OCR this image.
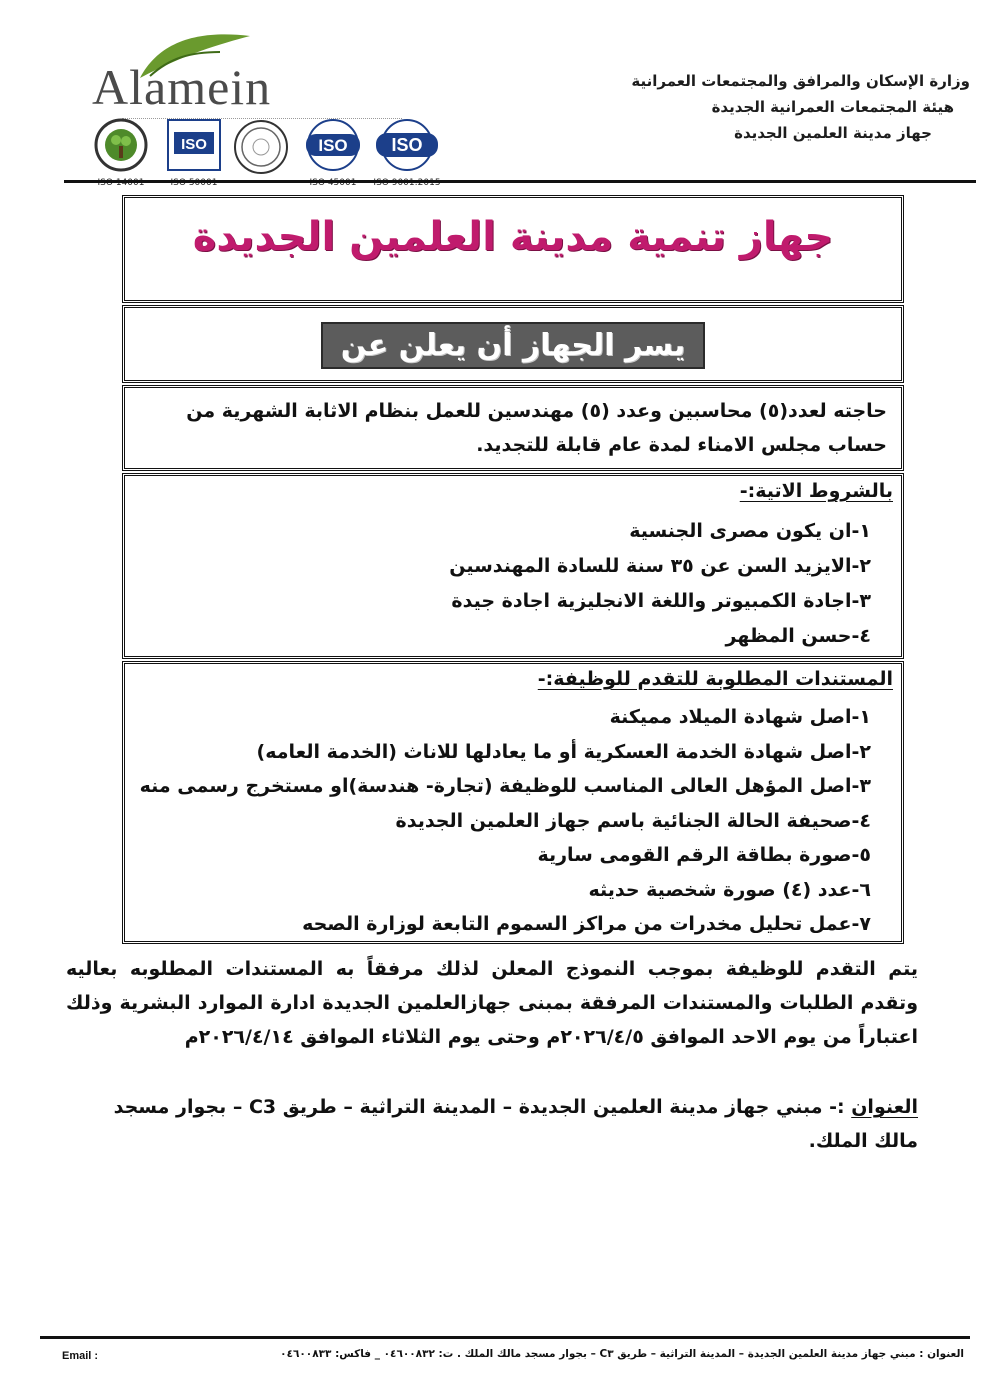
Alamein
ISO 14001
ISO
ISO 50001
ISO
ISO 45001
ISO
ISO 9001:2015
وزارة الإسكان والمرافق والمجتمعات العمرانية
هيئة المجتمعات العمرانية الجديدة
جهاز مدينة العلمين الجديدة
جهاز تنمية مدينة العلمين الجديدة
يسر الجهاز أن يعلن عن
حاجته لعدد(٥) محاسبين وعدد (٥) مهندسين للعمل بنظام الاثابة الشهرية من حساب مجلس الامناء لمدة عام قابلة للتجديد.
بالشروط الاتية:-
١-ان يكون مصرى الجنسية
٢-الايزيد السن عن ٣٥ سنة للسادة المهندسين
٣-اجادة الكمبيوتر واللغة الانجليزية اجادة جيدة
٤-حسن المظهر
المستندات المطلوبة للتقدم للوظيفة:-
١-اصل شهادة الميلاد مميكنة
٢-اصل شهادة الخدمة العسكرية أو ما يعادلها للاناث (الخدمة العامه)
٣-اصل المؤهل العالى المناسب للوظيفة (تجارة- هندسة)او مستخرج رسمى منه
٤-صحيفة الحالة الجنائية باسم جهاز العلمين الجديدة
٥-صورة بطاقة الرقم القومى سارية
٦-عدد (٤) صورة شخصية حديثه
٧-عمل تحليل مخدرات من مراكز السموم التابعة لوزارة الصحه

يتم التقدم للوظيفة بموجب النموذج المعلن لذلك مرفقاً به المستندات المطلوبه بعاليه وتقدم الطلبات والمستندات المرفقة بمبنى جهازالعلمين الجديدة ادارة الموارد البشرية وذلك اعتباراً من يوم الاحد الموافق ٢٠٢٦/٤/٥م وحتى يوم الثلاثاء الموافق ٢٠٢٦/٤/١٤م

العنوان :- مبني جهاز مدينة العلمين الجديدة – المدينة التراثية – طريق C3 – بجوار مسجد مالك الملك.
العنوان : مبني جهاز مدينة العلمين الجديدة – المدينة التراثية – طريق C٣ – بجوار مسجد مالك الملك . ت: ٠٤٦٠٠٨٣٢ _ فاكس: ٠٤٦٠٠٨٣٣
Email :
